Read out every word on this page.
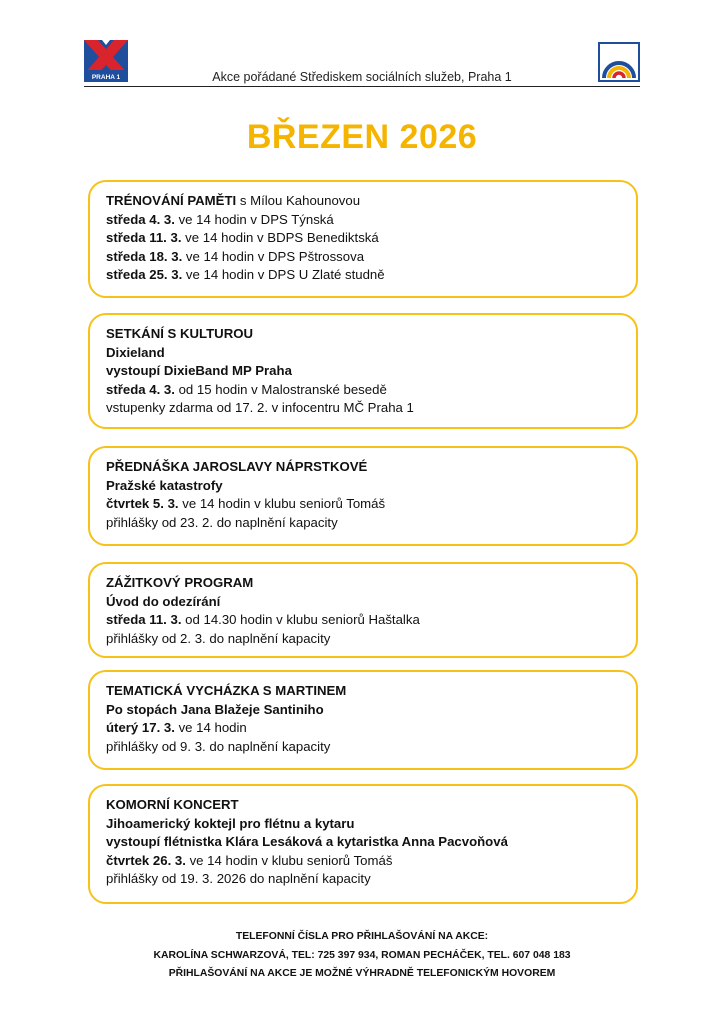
PRAHA 1	Akce pořádané Střediskem sociálních služeb, Praha 1
BŘEZEN 2026
TRÉNOVÁNÍ PAMĚTI s Mílou Kahounovou
středa 4. 3. ve 14 hodin v DPS Týnská
středa 11. 3. ve 14 hodin v BDPS Benediktská
středa 18. 3. ve 14 hodin v DPS Pštrossova
středa 25. 3. ve 14 hodin v DPS U Zlaté studně
SETKÁNÍ S KULTUROU
Dixieland
vystoupí DixieBand MP Praha
středa 4. 3. od 15 hodin v Malostranské besedě
vstupenky zdarma od 17. 2. v infocentru MČ Praha 1
PŘEDNÁŠKA JAROSLAVY NÁPRSTKOVÉ
Pražské katastrofy
čtvrtek 5. 3. ve 14 hodin v klubu seniorů Tomáš
přihlášky od 23. 2. do naplnění kapacity
ZÁŽITKOVÝ PROGRAM
Úvod do odezírání
středa 11. 3. od 14.30 hodin v klubu seniorů Haštalka
přihlášky od 2. 3. do naplnění kapacity
TEMATICKÁ VYCHÁZKA S MARTINEM
Po stopách Jana Blažeje Santiniho
úterý 17. 3. ve 14 hodin
přihlášky od 9. 3. do naplnění kapacity
KOMORNÍ KONCERT
Jihoamerický koktejl pro flétnu a kytaru
vystoupí flétnistka Klára Lesáková a kytaristka Anna Pacvoňová
čtvrtek 26. 3. ve 14 hodin v klubu seniorů Tomáš
přihlášky od 19. 3. 2026 do naplnění kapacity
TELEFONNÍ ČÍSLA PRO PŘIHLAŠOVÁNÍ NA AKCE:
KAROLÍNA SCHWARZOVÁ, TEL: 725 397 934, ROMAN PECHÁČEK, TEL. 607 048 183
PŘIHLAŠOVÁNÍ NA AKCE JE MOŽNÉ VÝHRADNĚ TELEFONICKÝM HOVOREM
